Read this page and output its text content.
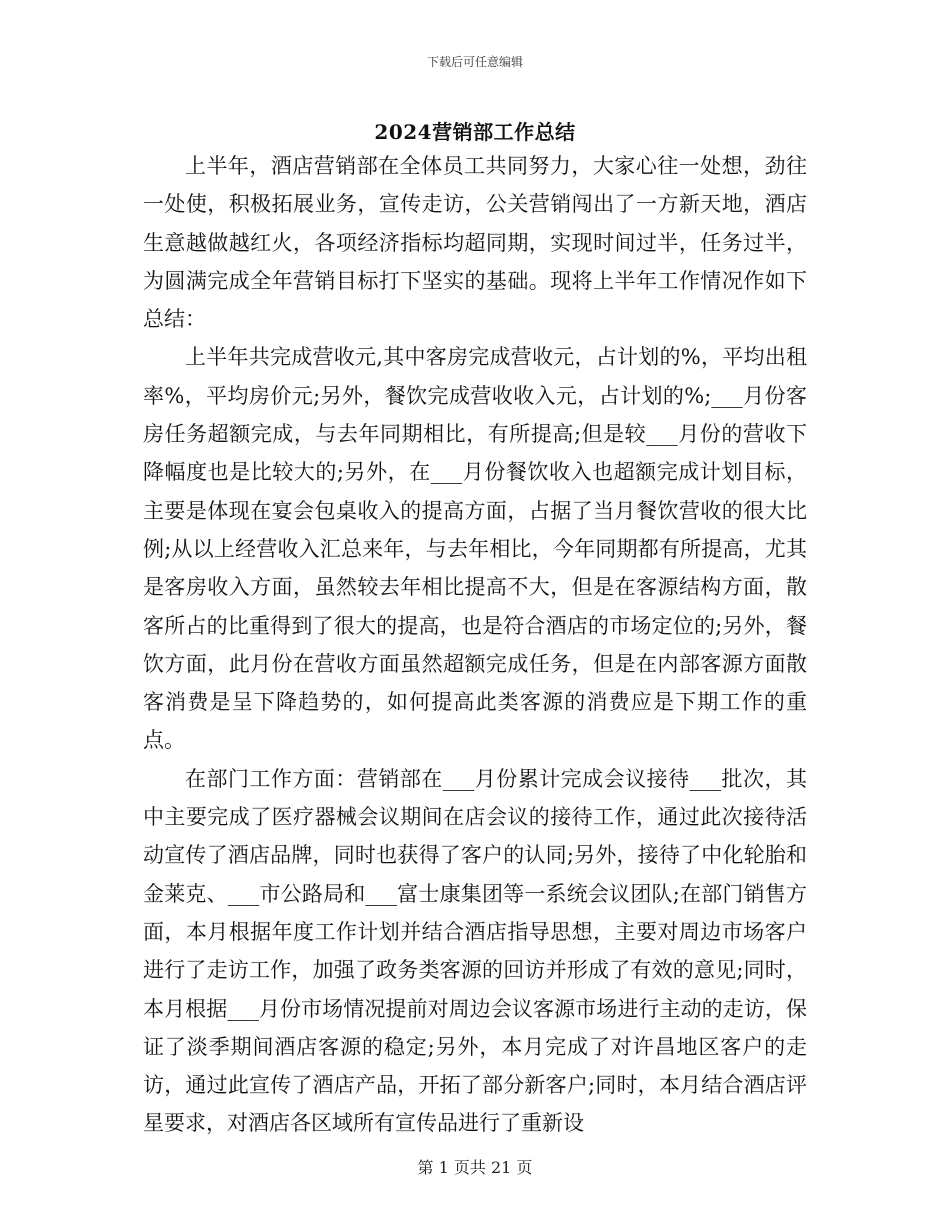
下载后可任意编辑
2024营销部工作总结

上半年，酒店营销部在全体员工共同努力，大家心往一处想，劲往一处使，积极拓展业务，宣传走访，公关营销闯出了一方新天地，酒店生意越做越红火，各项经济指标均超同期，实现时间过半，任务过半，为圆满完成全年营销目标打下坚实的基础。现将上半年工作情况作如下总结：

上半年共完成营收元,其中客房完成营收元，占计划的%，平均出租率%，平均房价元;另外，餐饮完成营收收入元，占计划的%;___月份客房任务超额完成，与去年同期相比，有所提高;但是较___月份的营收下降幅度也是比较大的;另外，在___月份餐饮收入也超额完成计划目标，主要是体现在宴会包桌收入的提高方面，占据了当月餐饮营收的很大比例;从以上经营收入汇总来年，与去年相比，今年同期都有所提高，尤其是客房收入方面，虽然较去年相比提高不大，但是在客源结构方面，散客所占的比重得到了很大的提高，也是符合酒店的市场定位的;另外，餐饮方面，此月份在营收方面虽然超额完成任务，但是在内部客源方面散客消费是呈下降趋势的，如何提高此类客源的消费应是下期工作的重点。

在部门工作方面：营销部在___月份累计完成会议接待___批次，其中主要完成了医疗器械会议期间在店会议的接待工作，通过此次接待活动宣传了酒店品牌，同时也获得了客户的认同;另外，接待了中化轮胎和金莱克、___市公路局和___富士康集团等一系统会议团队;在部门销售方面，本月根据年度工作计划并结合酒店指导思想，主要对周边市场客户进行了走访工作，加强了政务类客源的回访并形成了有效的意见;同时，本月根据___月份市场情况提前对周边会议客源市场进行主动的走访，保证了淡季期间酒店客源的稳定;另外，本月完成了对许昌地区客户的走访，通过此宣传了酒店产品，开拓了部分新客户;同时，本月结合酒店评星要求，对酒店各区域所有宣传品进行了重新设

第 1 页共 21 页
